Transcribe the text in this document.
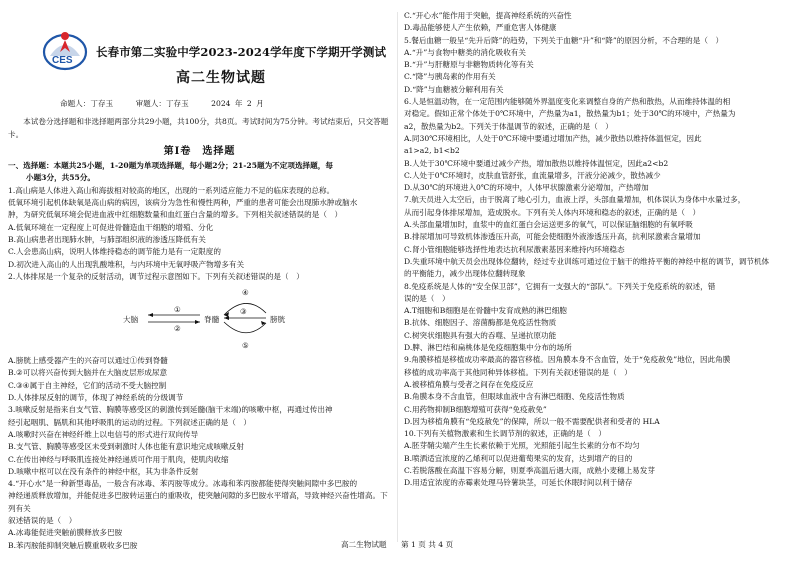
CES
长春市第二实验中学2023-2024学年度下学期开学测试
高二生物试题
命题人：丁存玉	审题人：丁存玉	2024 年 2 月

本试卷分选择题和非选择题两部分共29小题，共100分，共8页。考试时间为75分钟。考试结束后，只交答题卡。

第Ⅰ卷　选择题

一、选择题：本题共25小题，1-20题为单项选择题，每小题2分；21-25题为不定项选择题，每

小题3分，共55分。

1.高山病是人体进入高山和海拔相对较高的地区，出现的一系列适应能力不足的临床表现的总称。

低氧环境引起机体缺氧是高山病的病因，该病分为急性和慢性两种，严重的患者可能会出现肺水肿或脑水

肿，为研究低氧环境会促进血液中红细胞数量和血红蛋白含量的增多。下列相关叙述错误的是（　）

A.低氧环境在一定程度上可促进骨髓造血干细胞的增殖、分化

B.高山病患者出现肺水肿，与肺部组织液的渗透压降低有关

C.人会患高山病，说明人体维持稳态的调节能力是有一定限度的

D.初次进入高山的人出现乳酸堆积，与内环境中无氧呼吸产物增多有关

2.人体排尿是一个复杂的反射活动，调节过程示意图如下。下列有关叙述错误的是（　）

大脑	脊髓	膀胱
①
②
③
④
⑤

A.膀胱上感受器产生的兴奋可以通过①传到脊髓

B.②可以将兴奋传到大脑并在大脑皮层形成尿意

C.③④属于自主神经，它们的活动不受大脑控制

D.人体排尿反射的调节，体现了神经系统的分级调节

3.咳嗽反射是指来自支气管、胸膜等感受区的刺激传到延髓(脑干末端)的咳嗽中枢，再通过传出神

经引起咽肌、膈肌和其他呼吸肌的运动的过程。下列叙述正确的是（　）

A.咳嗽时兴奋在神经纤维上以电信号的形式进行双向传导

B.支气管、胸膜等感受区未受到刺激时人体也能有意识地完成咳嗽反射

C.在传出神经与呼吸肌连接处神经递质可作用于肌肉，使肌肉收缩

D.咳嗽中枢可以在没有条件的神经中枢，其为非条件反射

4.“开心水”是一种新型毒品，一般含有冰毒、苯丙胺等成分。冰毒和苯丙胺都能使得突触间隙中多巴胺的

神经递质释放增加，并能促进多巴胺转运蛋白的重吸收，使突触间隙的多巴胺水平增高，导致神经兴奋性增高。下列有关

叙述错误的是（　）

A.冰毒能促进突触前膜释放多巴胺

B.苯丙胺能抑制突触后膜重吸收多巴胺

C.“开心水”能作用于突触，提高神经系统的兴奋性

D.毒品能够使人产生依赖，严重危害人体健康

5.餐后血糖一般呈“先升后降”的趋势，下列关于血糖“升”和“降”的原因分析，不合理的是（　）

A.“升”与食物中糖类的消化吸收有关

B.“升”与肝糖原与非糖物质转化等有关

C.“降”与胰岛素的作用有关

D.“降”与血糖被分解利用有关

6.人是恒温动物，在一定范围内能够随外界温度变化来调整自身的产热和散热，从而维持体温的相

对稳定。假如正常个体处于0℃环境中，产热量为a1，散热量为b1；处于30℃的环境中，产热量为

a2，散热量为b2。下列关于体温调节的叙述，正确的是（　）

A.同30℃环境相比，人处于0℃环境中要通过增加产热，减少散热以维持体温恒定，因此

a1>a2, b1<b2

B.人处于30℃环境中要通过减少产热，增加散热以维持体温恒定，因此a2<b2

C.人处于0℃环境时，皮肤血管舒张，血流量增多，汗液分泌减少，散热减少

D.从30℃的环境进入0℃的环境中，人体甲状腺激素分泌增加，产热增加

7.航天员进入太空后，由于脱离了地心引力，血液上浮，头部血量增加，机体误认为身体中水量过多，

从而引起身体排尿增加，造成脱水。下列有关人体内环境和稳态的叙述，正确的是（　）

A.头部血量增加时，血浆中的血红蛋白会运送更多的氧气，可以保证脑细胞的有氧呼吸

B.排尿增加可导致机体渗透压升高，可能会使细胞外液渗透压升高，抗利尿激素含量增加

C.肾小管细胞能够选择性地表达抗利尿激素基因来维持内环境稳态

D.失重环境中航天员会出现体位翻转，经过专业训练可通过位于脑干的维持平衡的神经中枢的调节，调节机体

的平衡能力，减少出现体位翻转现象

8.免疫系统是人体的“安全保卫部”，它拥有一支强大的“部队”。下列关于免疫系统的叙述，错

误的是（　）

A.T细胞和B细胞是在骨髓中发育成熟的淋巴细胞

B.抗体、细胞因子、溶菌酶都是免疫活性物质

C.树突状细胞具有强大的吞噬、呈递抗原功能

D.脾、淋巴结和扁桃体是免疫细胞集中分布的场所

9.角膜移植是移植成功率最高的器官移植。因角膜本身不含血管，处于“免疫赦免”地位，因此角膜

移植的成功率高于其他同种异体移植。下列有关叙述错误的是（　）

A.被移植角膜与受者之间存在免疫反应

B.角膜本身不含血管，但眼球血液中含有淋巴细胞、免疫活性物质

C.用药物抑制B细胞增殖可获得“免疫赦免”

D.因为移植角膜有“免疫赦免”的保障，所以一般不需要配供者和受者的 HLA

10.下列有关植物激素和生长调节剂的叙述，正确的是（　）

A.胚芽鞘尖端产生生长素依赖于光照，光照能引起生长素的分布不均匀

B.喷洒适宜浓度的乙烯利可以促进葡萄果实的发育，达到增产的目的

C.若脱落酸在高温下容易分解，则夏季高温后遇大雨，成熟小麦穗上易发芽

D.用适宜浓度的赤霉素处理马铃薯块茎，可延长休眠时间以利于储存

高二生物试题 第 1 页 共 4 页
